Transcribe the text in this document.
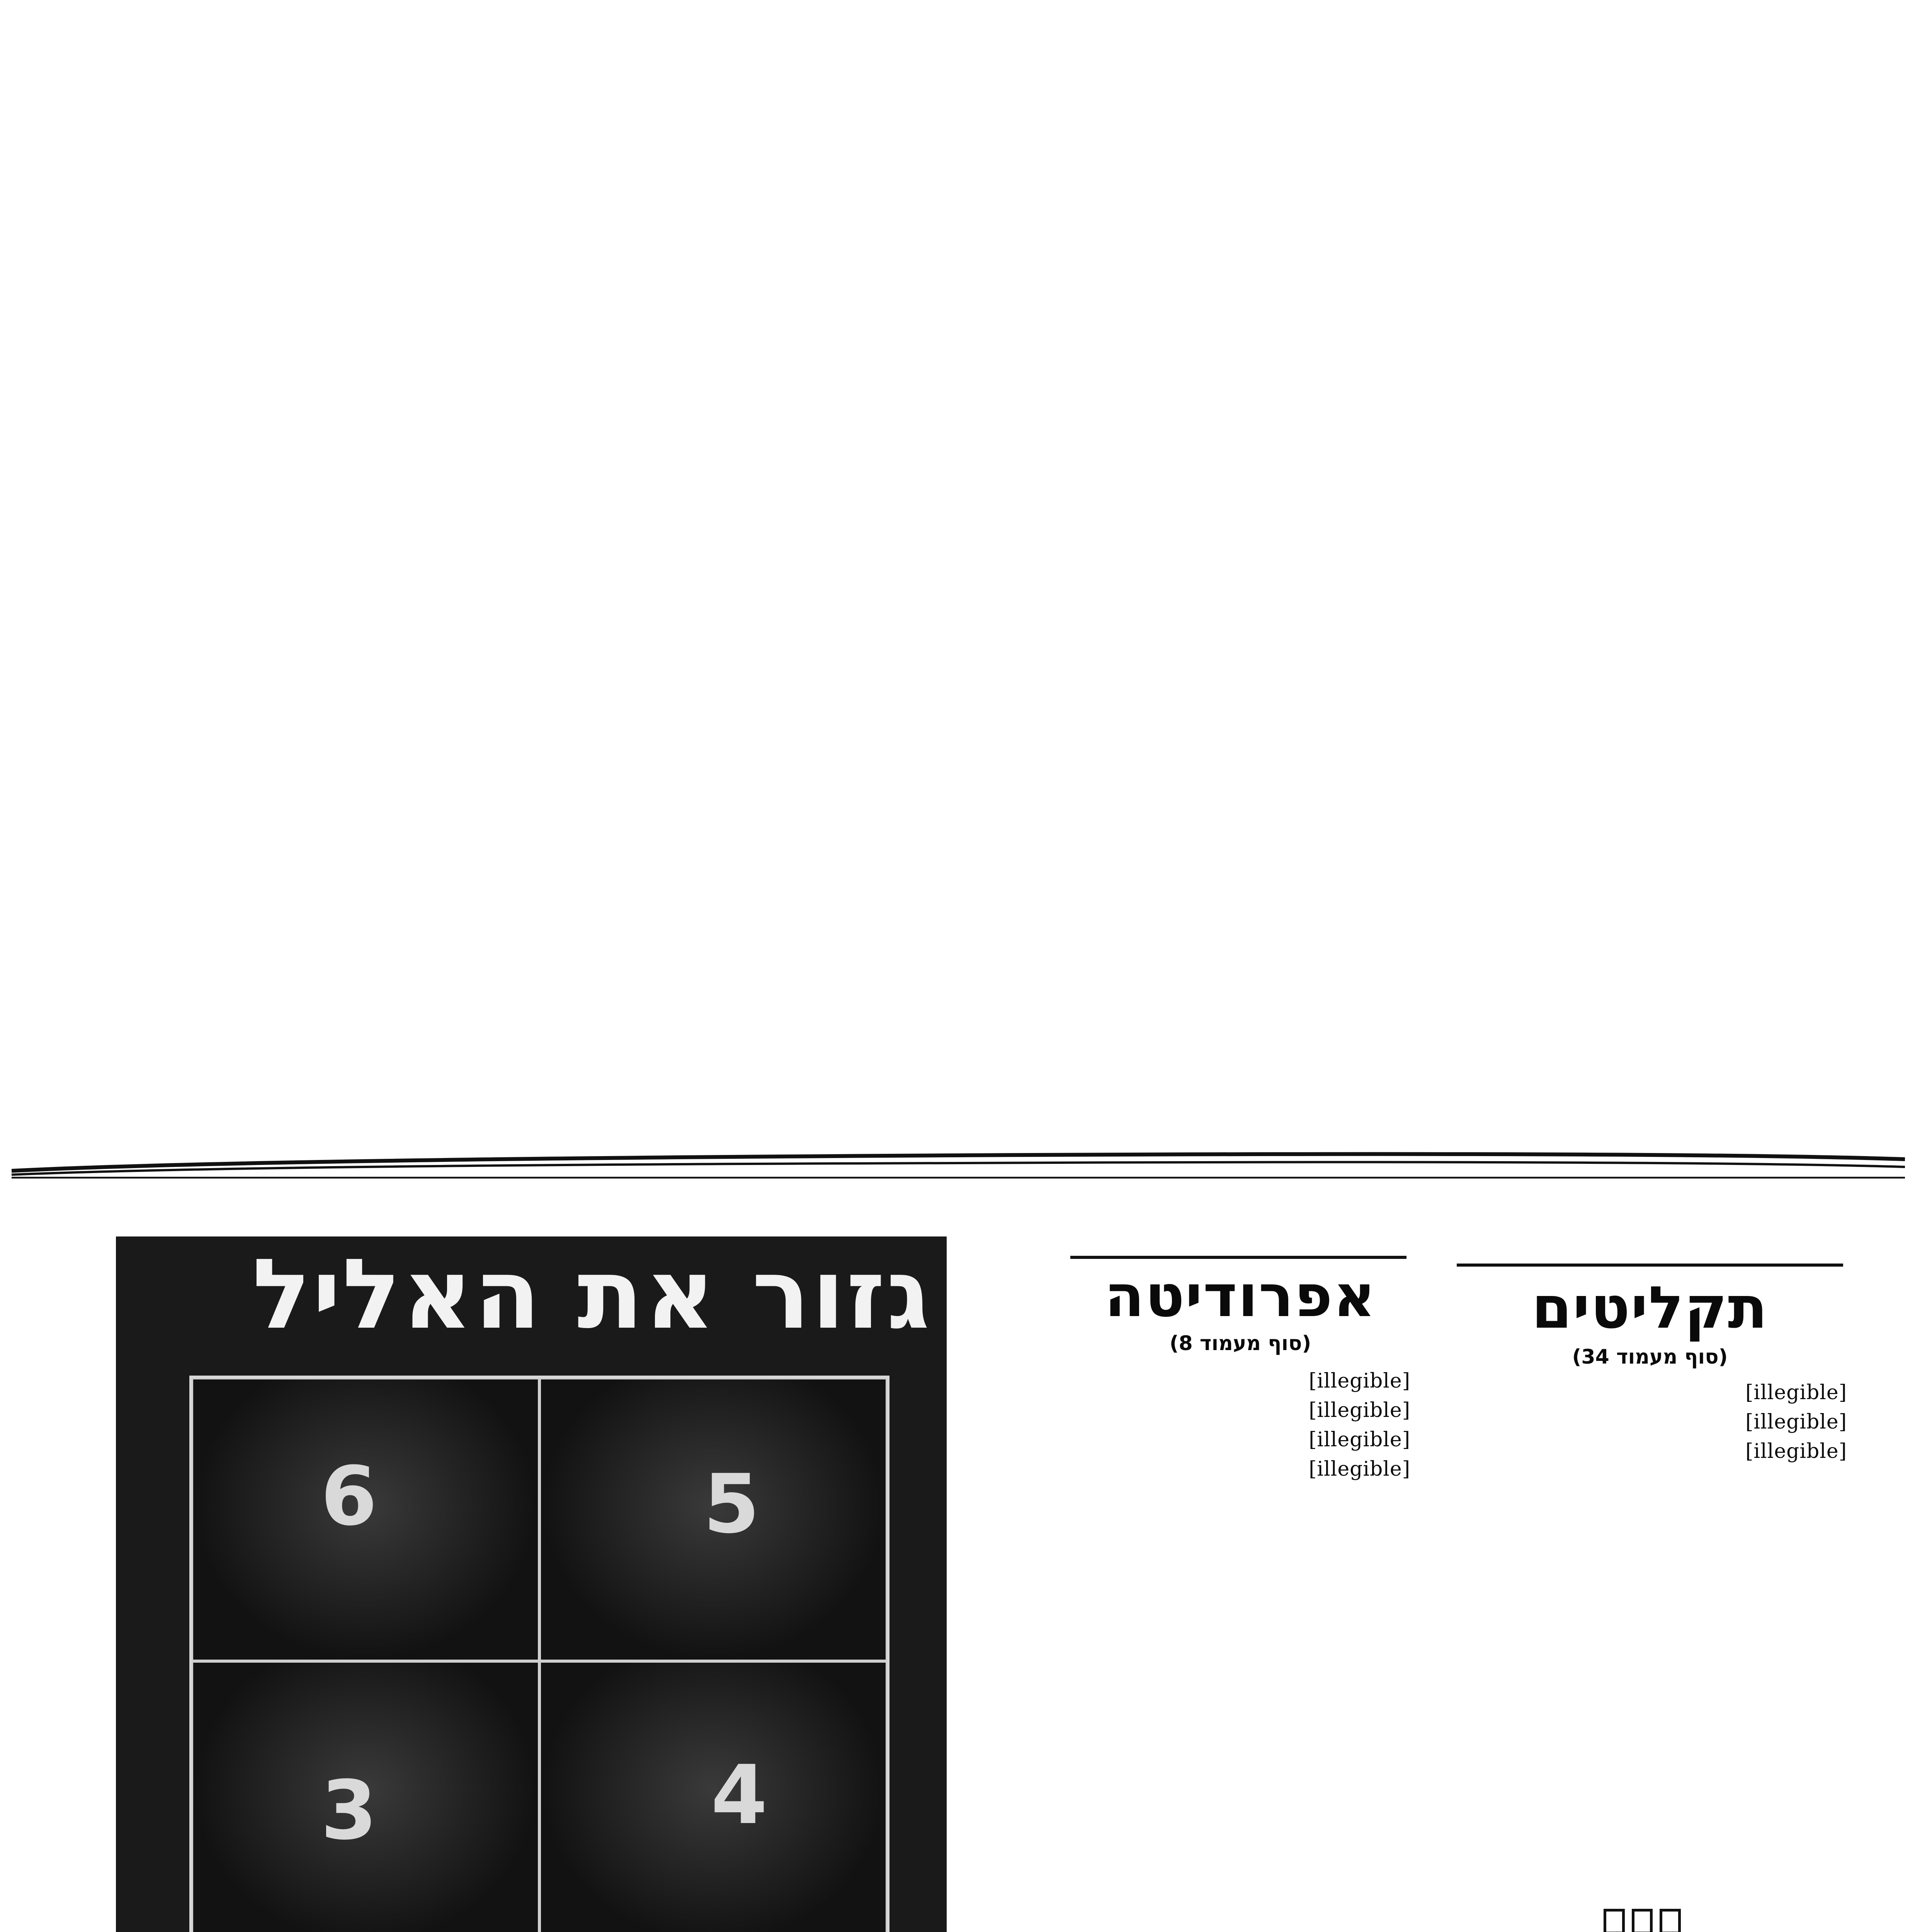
תקליטים
(סוף מעמוד 34)

[illegible]

[illegible]

[illegible]

אפרודיטה
(סוף מעמוד 8)

[illegible]

[illegible]

[illegible]

[illegible]

גזור את האליל
6	5
3	4
